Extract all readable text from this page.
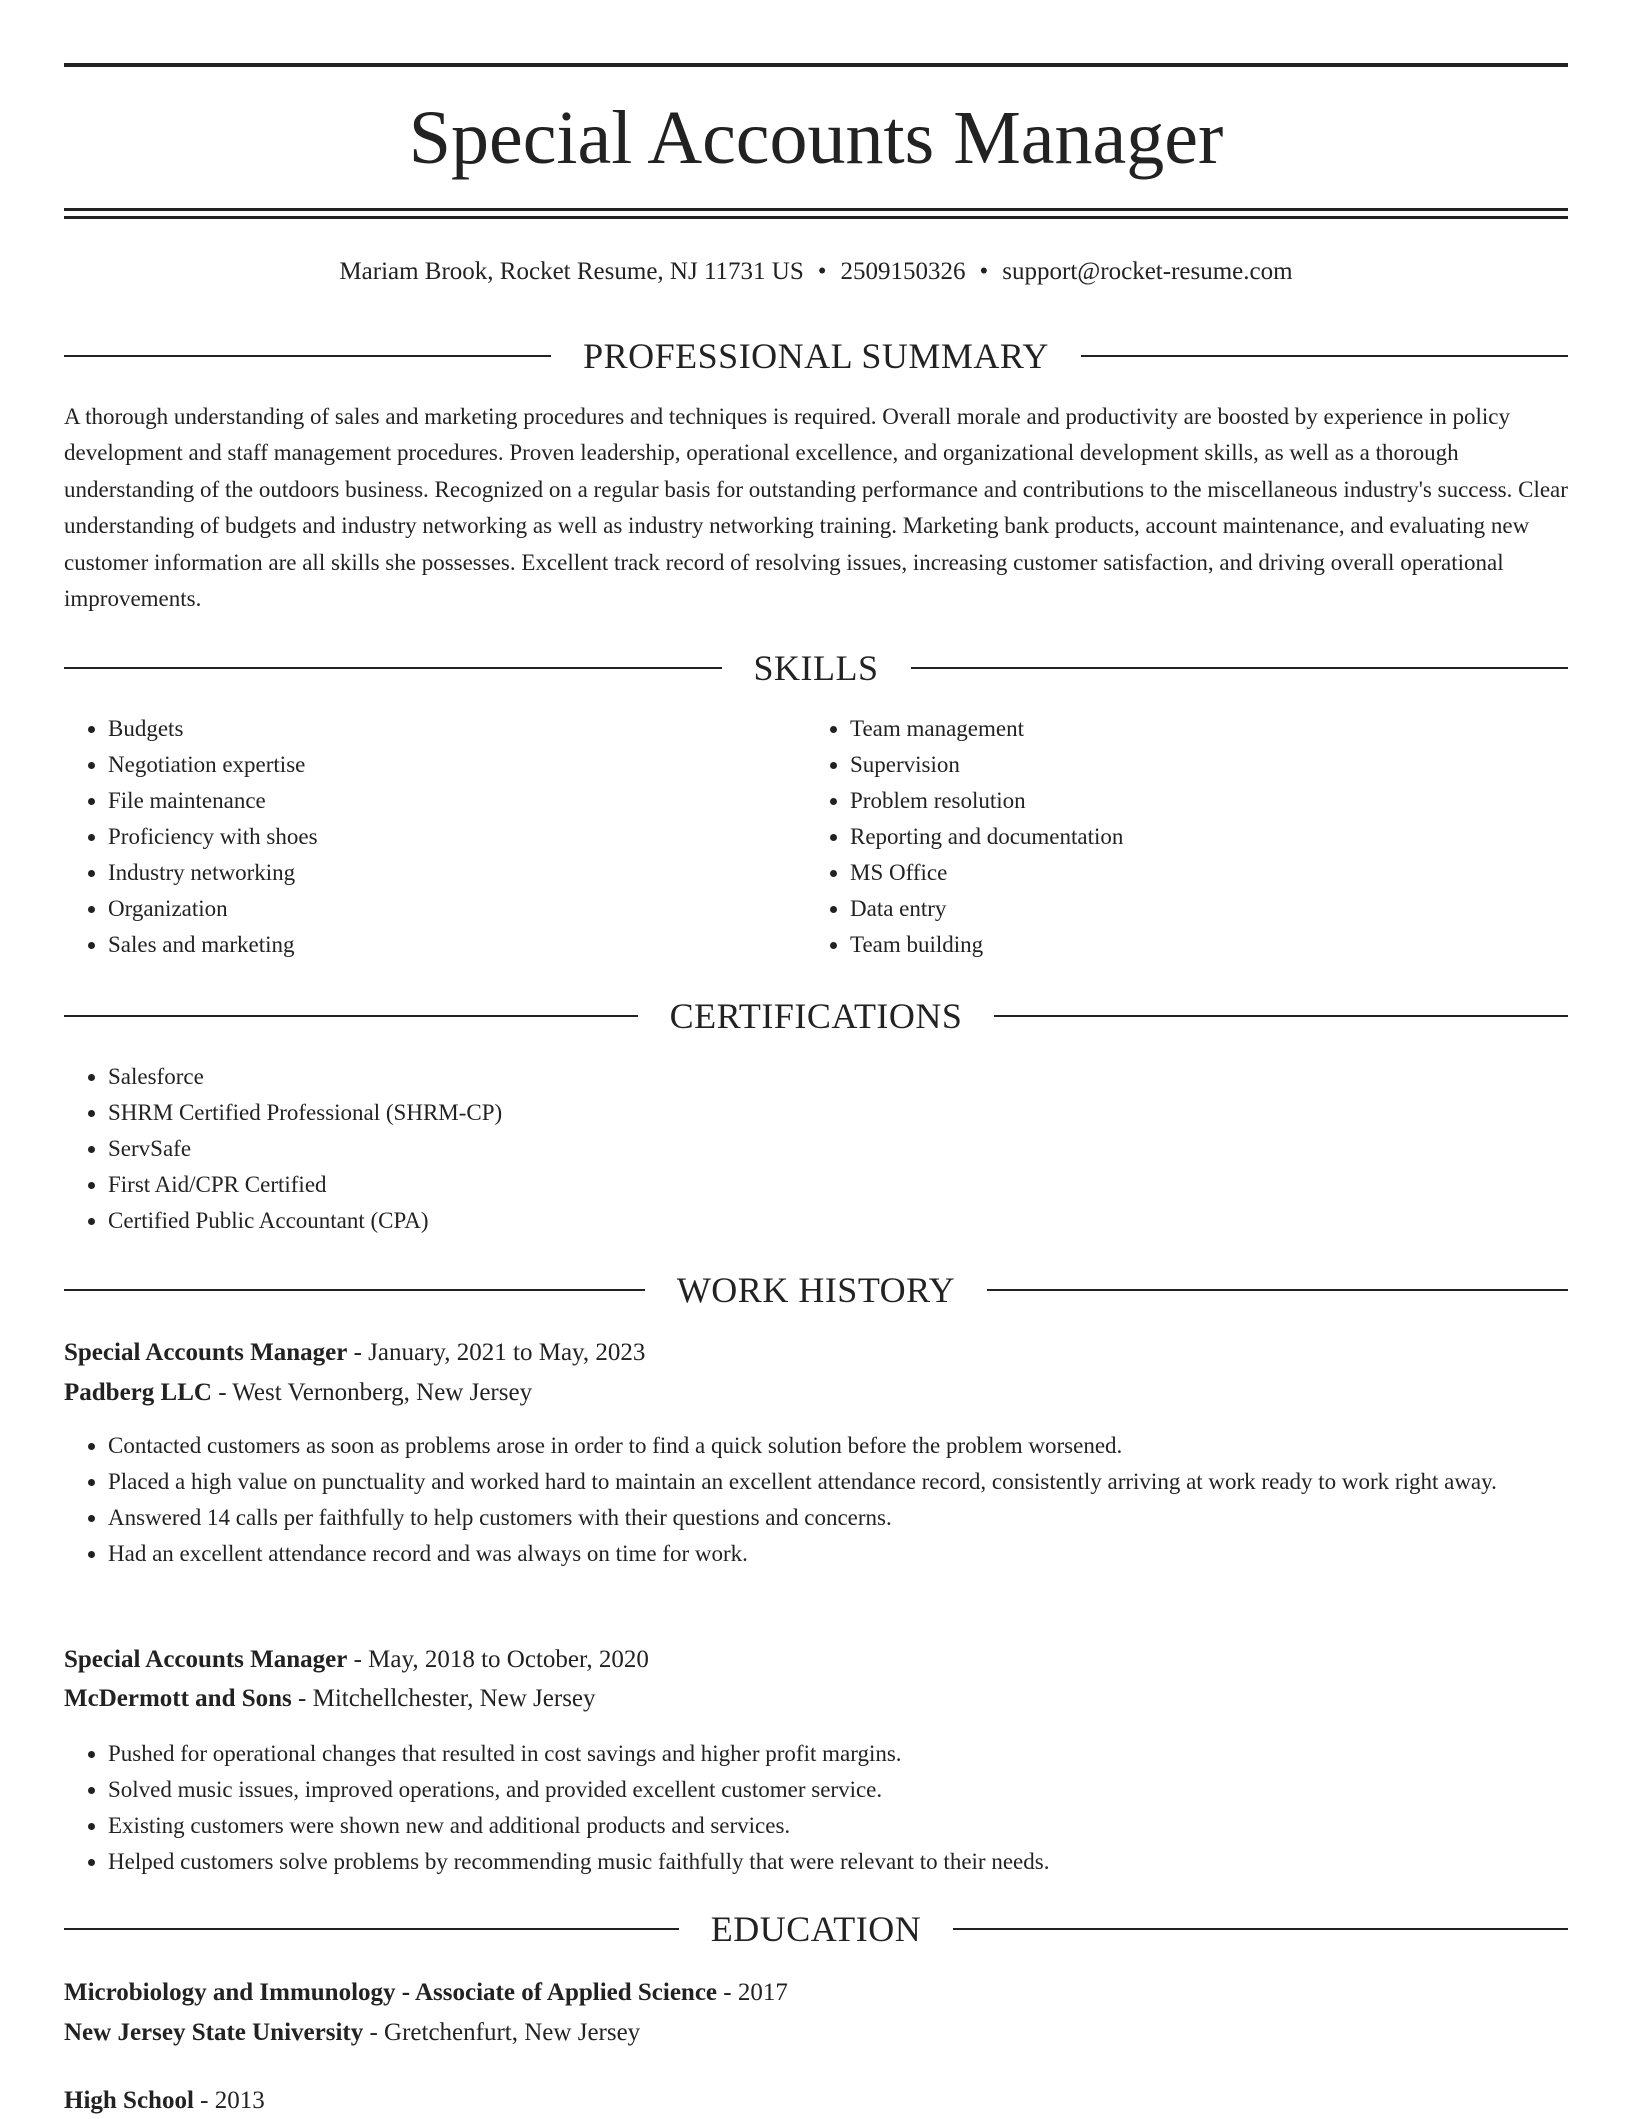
Special Accounts Manager
Mariam Brook, Rocket Resume, NJ 11731 US • 2509150326 • support@rocket-resume.com
PROFESSIONAL SUMMARY

A thorough understanding of sales and marketing procedures and techniques is required. Overall morale and productivity are boosted by experience in policy development and staff management procedures. Proven leadership, operational excellence, and organizational development skills, as well as a thorough understanding of the outdoors business. Recognized on a regular basis for outstanding performance and contributions to the miscellaneous industry's success. Clear understanding of budgets and industry networking as well as industry networking training. Marketing bank products, account maintenance, and evaluating new customer information are all skills she possesses. Excellent track record of resolving issues, increasing customer satisfaction, and driving overall operational improvements.

SKILLS
• Budgets
• Negotiation expertise
• File maintenance
• Proficiency with shoes
• Industry networking
• Organization
• Sales and marketing
• Team management
• Supervision
• Problem resolution
• Reporting and documentation
• MS Office
• Data entry
• Team building
CERTIFICATIONS
• Salesforce
• SHRM Certified Professional (SHRM-CP)
• ServSafe
• First Aid/CPR Certified
• Certified Public Accountant (CPA)
WORK HISTORY
Special Accounts Manager - January, 2021 to May, 2023
Padberg LLC - West Vernonberg, New Jersey
• Contacted customers as soon as problems arose in order to find a quick solution before the problem worsened.
• Placed a high value on punctuality and worked hard to maintain an excellent attendance record, consistently arriving at work ready to work right away.
• Answered 14 calls per faithfully to help customers with their questions and concerns.
• Had an excellent attendance record and was always on time for work.
Special Accounts Manager - May, 2018 to October, 2020
McDermott and Sons - Mitchellchester, New Jersey
• Pushed for operational changes that resulted in cost savings and higher profit margins.
• Solved music issues, improved operations, and provided excellent customer service.
• Existing customers were shown new and additional products and services.
• Helped customers solve problems by recommending music faithfully that were relevant to their needs.
EDUCATION
Microbiology and Immunology - Associate of Applied Science - 2017
New Jersey State University - Gretchenfurt, New Jersey
High School - 2013
